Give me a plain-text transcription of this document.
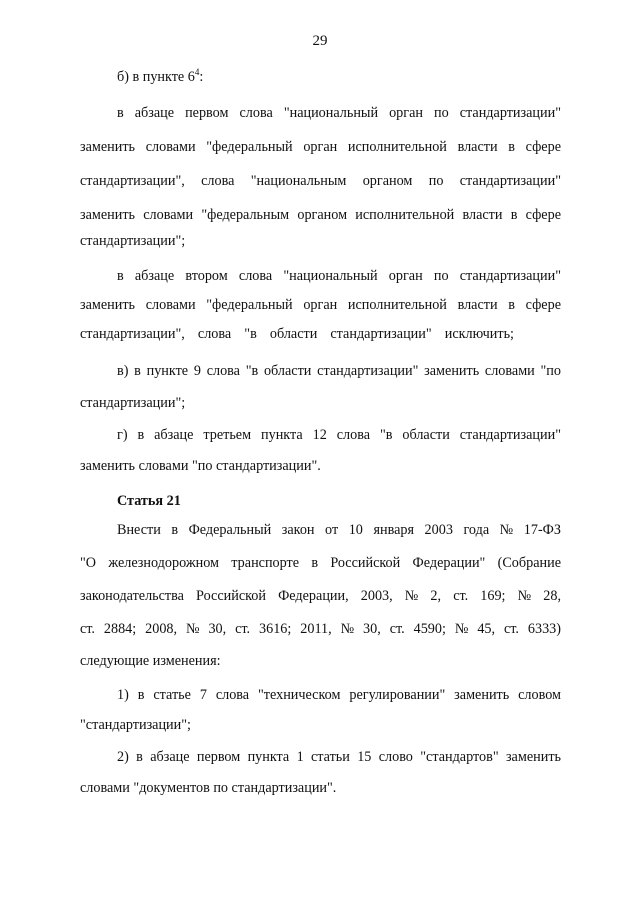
29
б) в пункте $6^4$:
в абзаце первом слова "национальный орган по стандартизации"
заменить словами "федеральный орган исполнительной власти в сфере
стандартизации", слова "национальным органом по стандартизации"
заменить словами "федеральным органом исполнительной власти в сфере
стандартизации";
в абзаце втором слова "национальный орган по стандартизации"
заменить словами "федеральный орган исполнительной власти в сфере
стандартизации", слова "в области стандартизации" исключить;
в) в пункте 9 слова "в области стандартизации" заменить словами "по
стандартизации";
г) в абзаце третьем пункта 12 слова "в области стандартизации"
заменить словами "по стандартизации".
Статья 21
Внести в Федеральный закон от 10 января 2003 года № 17-ФЗ
"О железнодорожном транспорте в Российской Федерации" (Собрание
законодательства Российской Федерации, 2003, № 2, ст. 169; № 28,
ст. 2884; 2008, № 30, ст. 3616; 2011, № 30, ст. 4590; № 45, ст. 6333)
следующие изменения:
1) в статье 7 слова "техническом регулировании" заменить словом
"стандартизации";
2) в абзаце первом пункта 1 статьи 15 слово "стандартов" заменить
словами "документов по стандартизации".
